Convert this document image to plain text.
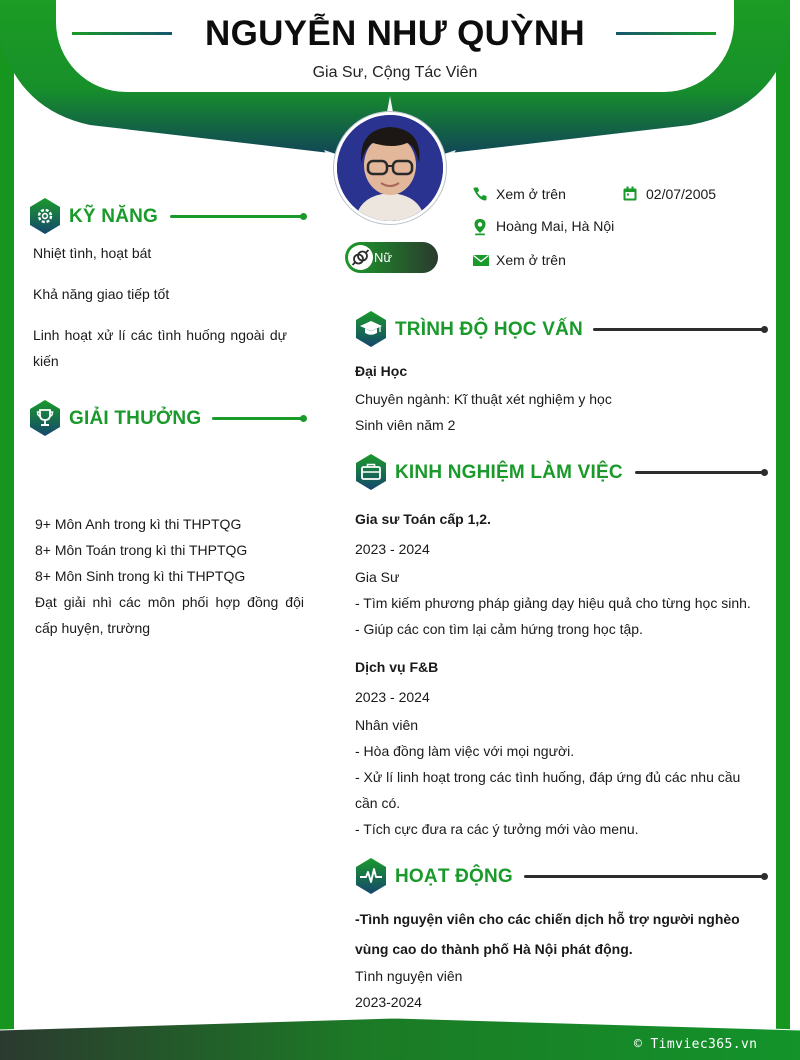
NGUYỄN NHƯ QUỲNH
Gia Sư, Cộng Tác Viên
Nữ
Xem ở trên	02/07/2005
Hoàng Mai, Hà Nội
Xem ở trên
KỸ NĂNG
Nhiệt tình, hoạt bát
Khả năng giao tiếp tốt
Linh hoạt xử lí các tình huống ngoài dự kiến
GIẢI THƯỞNG
9+ Môn Anh trong kì thi THPTQG
8+ Môn Toán trong kì thi THPTQG
8+ Môn Sinh trong kì thi THPTQG
Đạt giải nhì các môn phối hợp đồng đội cấp huyện, trường
TRÌNH ĐỘ HỌC VẤN
Đại Học
Chuyên ngành: Kĩ thuật xét nghiệm y học
Sinh viên năm 2
KINH NGHIỆM LÀM VIỆC
Gia sư Toán cấp 1,2.
2023 - 2024
Gia Sư
- Tìm kiếm phương pháp giảng dạy hiệu quả cho từng học sinh.
- Giúp các con tìm lại cảm hứng trong học tập.
Dịch vụ F&B
2023 - 2024
Nhân viên
- Hòa đồng làm việc với mọi người.
- Xử lí linh hoạt trong các tình huống, đáp ứng đủ các nhu cầu cần có.
- Tích cực đưa ra các ý tưởng mới vào menu.
HOẠT ĐỘNG
-Tình nguyện viên cho các chiến dịch hỗ trợ người nghèo vùng cao do thành phố Hà Nội phát động.
Tình nguyện viên
2023-2024
© Timviec365.vn
